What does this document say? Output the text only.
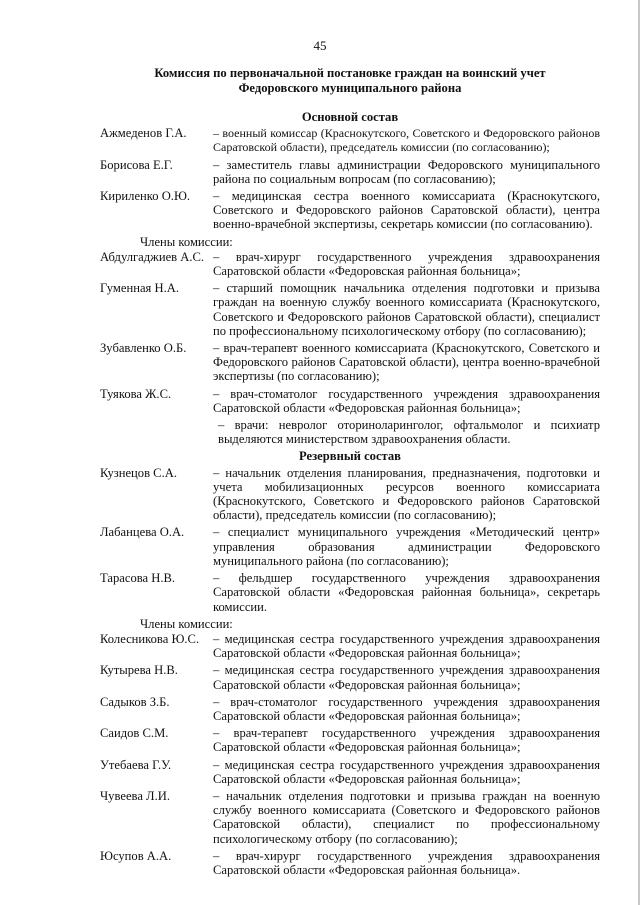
45
Комиссия по первоначальной постановке граждан на воинский учет
Федоровского муниципального района
Основной состав
Ажмеденов Г.А.	– военный комиссар (Краснокутского, Советского и Федоровского районов Саратовской области), председатель комиссии (по согласованию);
Борисова Е.Г.	– заместитель главы администрации Федоровского муниципального района по социальным вопросам (по согласованию);
Кириленко О.Ю.	– медицинская сестра военного комиссариата (Краснокутского, Советского и Федоровского районов Саратовской области), центра военно-врачебной экспертизы, секретарь комиссии (по согласованию).
Члены комиссии:
Абдулгаджиев А.С. – врач-хирург государственного учреждения здравоохранения Саратовской области «Федоровская районная больница»;
Гуменная Н.А.	– старший помощник начальника отделения подготовки и призыва граждан на военную службу военного комиссариата (Краснокутского, Советского и Федоровского районов Саратовской области), специалист по профессиональному психологическому отбору (по согласованию);
Зубавленко О.Б.	– врач-терапевт военного комиссариата (Краснокутского, Советского и Федоровского районов Саратовской области), центра военно-врачебной экспертизы (по согласованию);
Туякова Ж.С.	– врач-стоматолог государственного учреждения здравоохранения Саратовской области «Федоровская районная больница»;
– врачи: невролог оториноларинголог, офтальмолог и психиатр выделяются министерством здравоохранения области.
Резервный состав
Кузнецов С.А.	– начальник отделения планирования, предназначения, подготовки и учета мобилизационных ресурсов военного комиссариата (Краснокутского, Советского и Федоровского районов Саратовской области), председатель комиссии (по согласованию);
Лабанцева О.А.	– специалист муниципального учреждения «Методический центр» управления образования администрации Федоровского муниципального района (по согласованию);
Тарасова Н.В.	– фельдшер государственного учреждения здравоохранения Саратовской области «Федоровская районная больница», секретарь комиссии.
Члены комиссии:
Колесникова Ю.С.	– медицинская сестра государственного учреждения здравоохранения Саратовской области «Федоровская районная больница»;
Кутырева Н.В.	– медицинская сестра государственного учреждения здравоохранения Саратовской области «Федоровская районная больница»;
Садыков З.Б.	– врач-стоматолог государственного учреждения здравоохранения Саратовской области «Федоровская районная больница»;
Саидов С.М.	– врач-терапевт государственного учреждения здравоохранения Саратовской области «Федоровская районная больница»;
Утебаева Г.У.	– медицинская сестра государственного учреждения здравоохранения Саратовской области «Федоровская районная больница»;
Чувеева Л.И.	– начальник отделения подготовки и призыва граждан на военную службу военного комиссариата (Советского и Федоровского районов Саратовской области), специалист по профессиональному психологическому отбору (по согласованию);
Юсупов А.А.	– врач-хирург государственного учреждения здравоохранения Саратовской области «Федоровская районная больница».
